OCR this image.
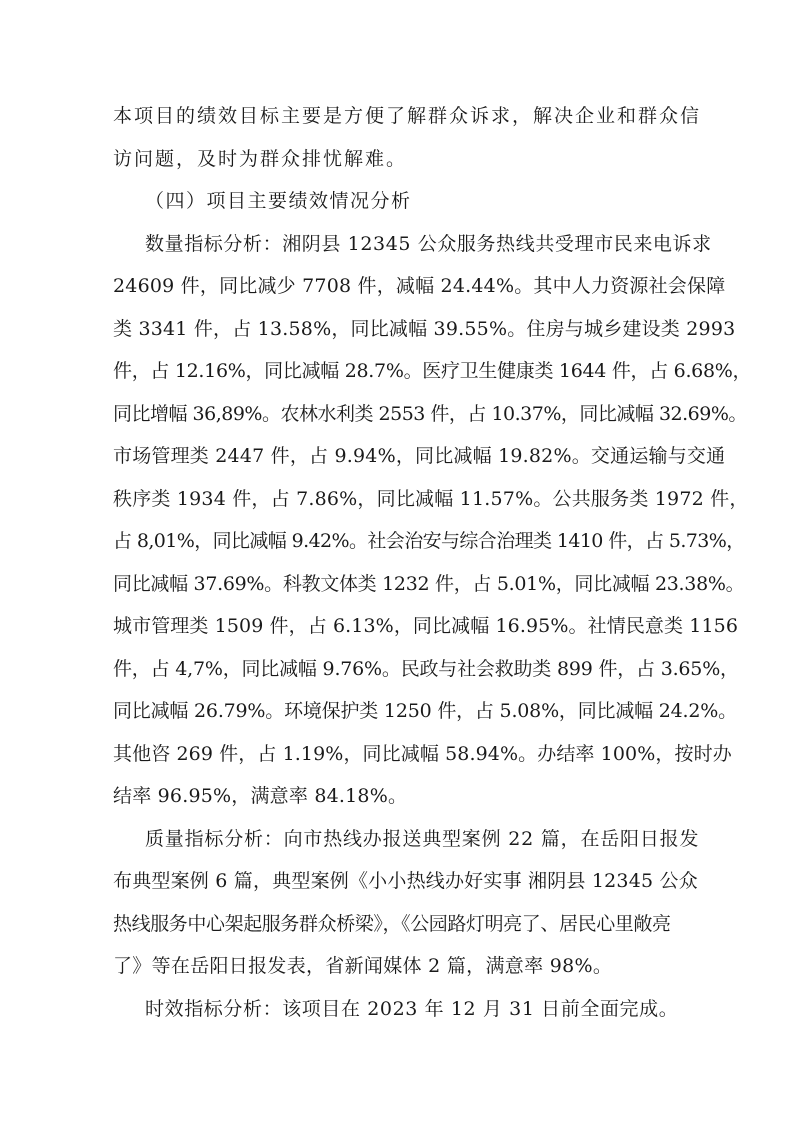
本项目的绩效目标主要是方便了解群众诉求，解决企业和群众信

访问题，及时为群众排忧解难。

（四）项目主要绩效情况分析

数量指标分析：湘阴县 12345 公众服务热线共受理市民来电诉求

24609 件，同比减少 7708 件，减幅 24.44%。其中人力资源社会保障

类 3341 件，占 13.58%，同比减幅 39.55%。住房与城乡建设类 2993

件，占 12.16%，同比减幅 28.7%。医疗卫生健康类 1644 件，占 6.68%，

同比增幅 36,89%。农林水利类 2553 件，占 10.37%，同比减幅 32.69%。

市场管理类 2447 件，占 9.94%，同比减幅 19.82%。交通运输与交通

秩序类 1934 件，占 7.86%，同比减幅 11.57%。公共服务类 1972 件，

占 8,01%，同比减幅 9.42%。社会治安与综合治理类 1410 件，占 5.73%，

同比减幅 37.69%。科教文体类 1232 件，占 5.01%，同比减幅 23.38%。

城市管理类 1509 件，占 6.13%，同比减幅 16.95%。社情民意类 1156

件，占 4,7%，同比减幅 9.76%。民政与社会救助类 899 件，占 3.65%，

同比减幅 26.79%。环境保护类 1250 件，占 5.08%，同比减幅 24.2%。

其他咨 269 件，占 1.19%，同比减幅 58.94%。办结率 100%，按时办

结率 96.95%，满意率 84.18%。

质量指标分析：向市热线办报送典型案例 22 篇，在岳阳日报发

布典型案例 6 篇，典型案例《小小热线办好实事 湘阴县 12345 公众

热线服务中心架起服务群众桥梁》，《公园路灯明亮了、居民心里敞亮

了》等在岳阳日报发表，省新闻媒体 2 篇，满意率 98%。

时效指标分析：该项目在 2023 年 12 月 31 日前全面完成。
